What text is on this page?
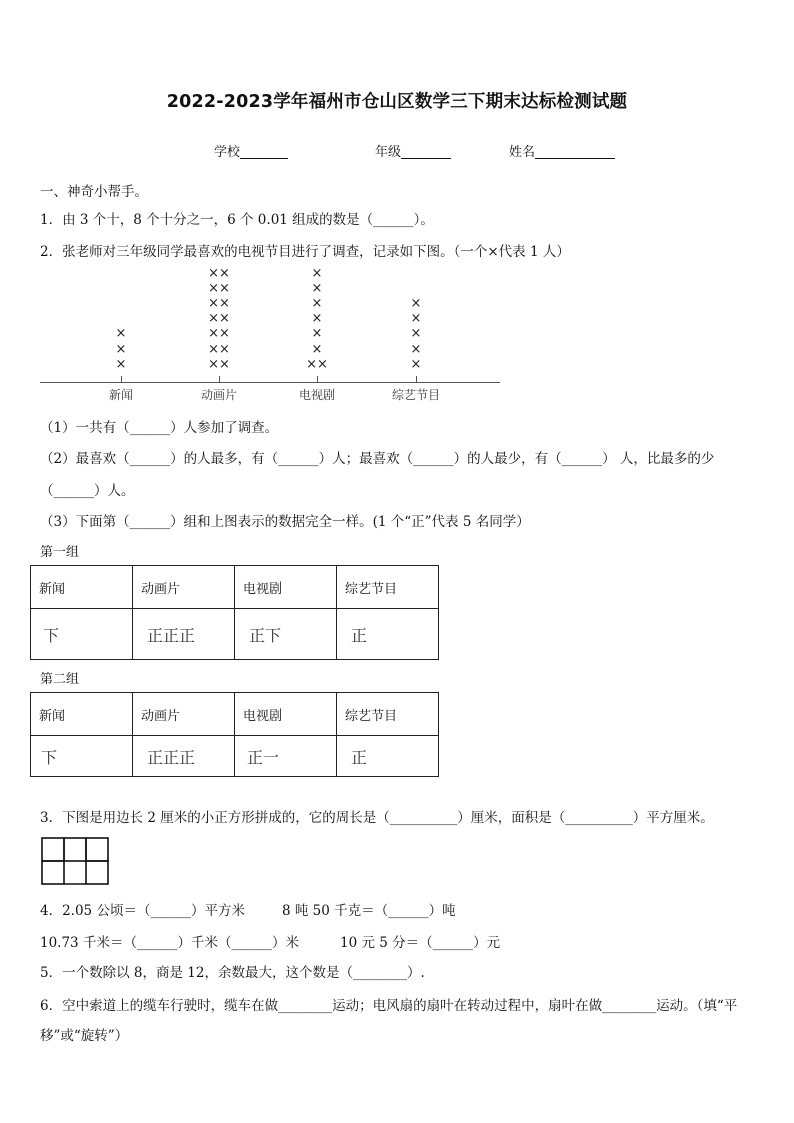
2022-2023学年福州市仓山区数学三下期末达标检测试题
学校	年级	姓名
一、神奇小帮手。
1．由 3 个十，8 个十分之一，6 个 0.01 组成的数是（______）。
2．张老师对三年级同学最喜欢的电视节目进行了调查，记录如下图。（一个×代表 1 人）
×
×
×
××
××
××
××
××
××
××
××
×
×
×
×
×
×
×
×
×
×
×
新闻	动画片	电视剧	综艺节目
（1）一共有（______）人参加了调查。
（2）最喜欢（______）的人最多，有（______）人；最喜欢（______）的人最少，有（______） 人，比最多的少
（______）人。
（3）下面第（______）组和上图表示的数据完全一样。(1 个“正”代表 5 名同学）
第一组
新闻	动画片	电视剧	综艺节目
下	正正正	正下	正
第二组
新闻	动画片	电视剧	综艺节目
下	正正正	正一	正
3．下图是用边长 2 厘米的小正方形拼成的，它的周长是（__________）厘米，面积是（__________）平方厘米。
4．2.05 公顷＝（______）平方米	8 吨 50 千克＝（______）吨
10.73 千米＝（______）千米（______）米	10 元 5 分＝（______）元
5．一个数除以 8，商是 12，余数最大，这个数是（________）.
6．空中索道上的缆车行驶时，缆车在做________运动；电风扇的扇叶在转动过程中，扇叶在做________运动。（填“平
移”或“旋转”）
